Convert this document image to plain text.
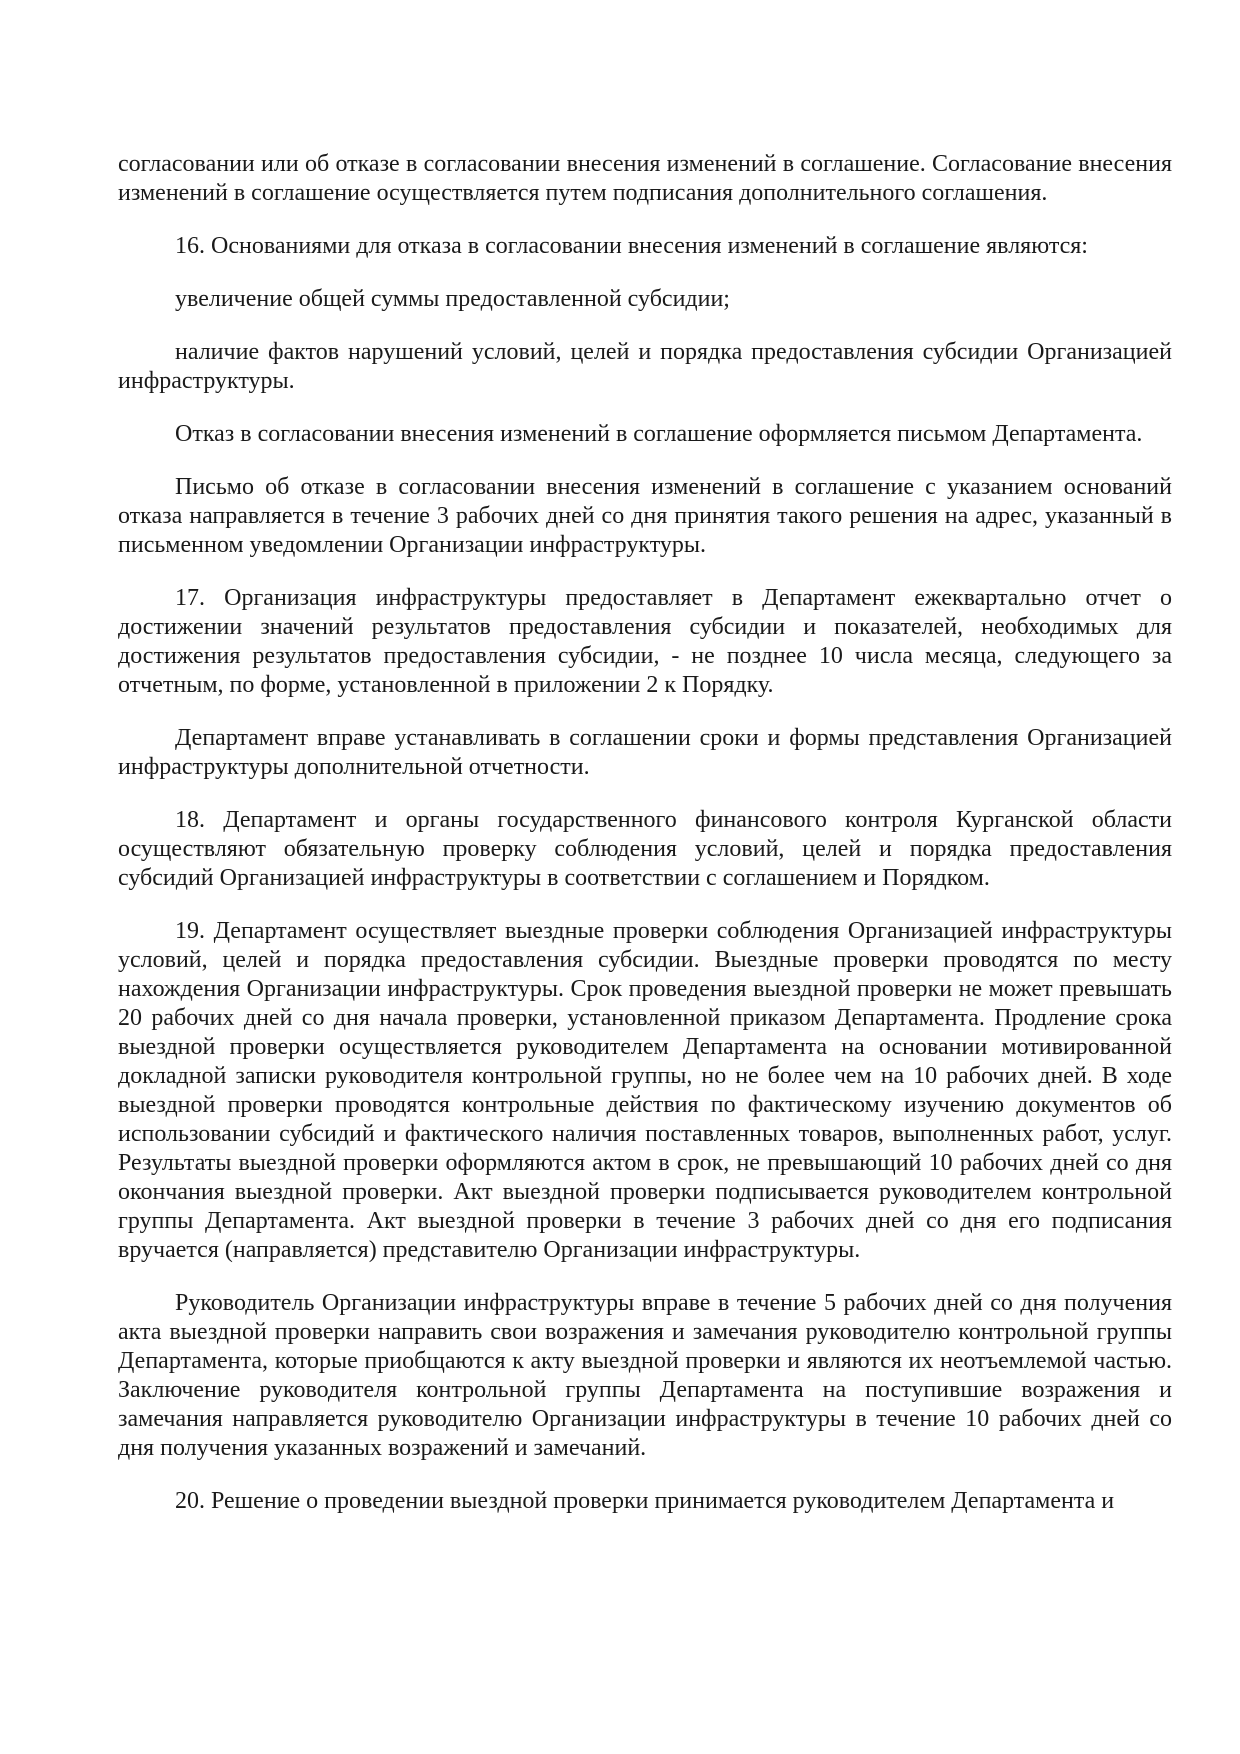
согласовании или об отказе в согласовании внесения изменений в соглашение. Согласование внесения изменений в соглашение осуществляется путем подписания дополнительного соглашения.

16. Основаниями для отказа в согласовании внесения изменений в соглашение являются:

увеличение общей суммы предоставленной субсидии;

наличие фактов нарушений условий, целей и порядка предоставления субсидии Организацией инфраструктуры.

Отказ в согласовании внесения изменений в соглашение оформляется письмом Департамента.

Письмо об отказе в согласовании внесения изменений в соглашение с указанием оснований отказа направляется в течение 3 рабочих дней со дня принятия такого решения на адрес, указанный в письменном уведомлении Организации инфраструктуры.

17. Организация инфраструктуры предоставляет в Департамент ежеквартально отчет о достижении значений результатов предоставления субсидии и показателей, необходимых для достижения результатов предоставления субсидии, - не позднее 10 числа месяца, следующего за отчетным, по форме, установленной в приложении 2 к Порядку.

Департамент вправе устанавливать в соглашении сроки и формы представления Организацией инфраструктуры дополнительной отчетности.

18. Департамент и органы государственного финансового контроля Курганской области осуществляют обязательную проверку соблюдения условий, целей и порядка предоставления субсидий Организацией инфраструктуры в соответствии с соглашением и Порядком.

19. Департамент осуществляет выездные проверки соблюдения Организацией инфраструктуры условий, целей и порядка предоставления субсидии. Выездные проверки проводятся по месту нахождения Организации инфраструктуры. Срок проведения выездной проверки не может превышать 20 рабочих дней со дня начала проверки, установленной приказом Департамента. Продление срока выездной проверки осуществляется руководителем Департамента на основании мотивированной докладной записки руководителя контрольной группы, но не более чем на 10 рабочих дней. В ходе выездной проверки проводятся контрольные действия по фактическому изучению документов об использовании субсидий и фактического наличия поставленных товаров, выполненных работ, услуг. Результаты выездной проверки оформляются актом в срок, не превышающий 10 рабочих дней со дня окончания выездной проверки. Акт выездной проверки подписывается руководителем контрольной группы Департамента. Акт выездной проверки в течение 3 рабочих дней со дня его подписания вручается (направляется) представителю Организации инфраструктуры.

Руководитель Организации инфраструктуры вправе в течение 5 рабочих дней со дня получения акта выездной проверки направить свои возражения и замечания руководителю контрольной группы Департамента, которые приобщаются к акту выездной проверки и являются их неотъемлемой частью. Заключение руководителя контрольной группы Департамента на поступившие возражения и замечания направляется руководителю Организации инфраструктуры в течение 10 рабочих дней со дня получения указанных возражений и замечаний.

20. Решение о проведении выездной проверки принимается руководителем Департамента и
